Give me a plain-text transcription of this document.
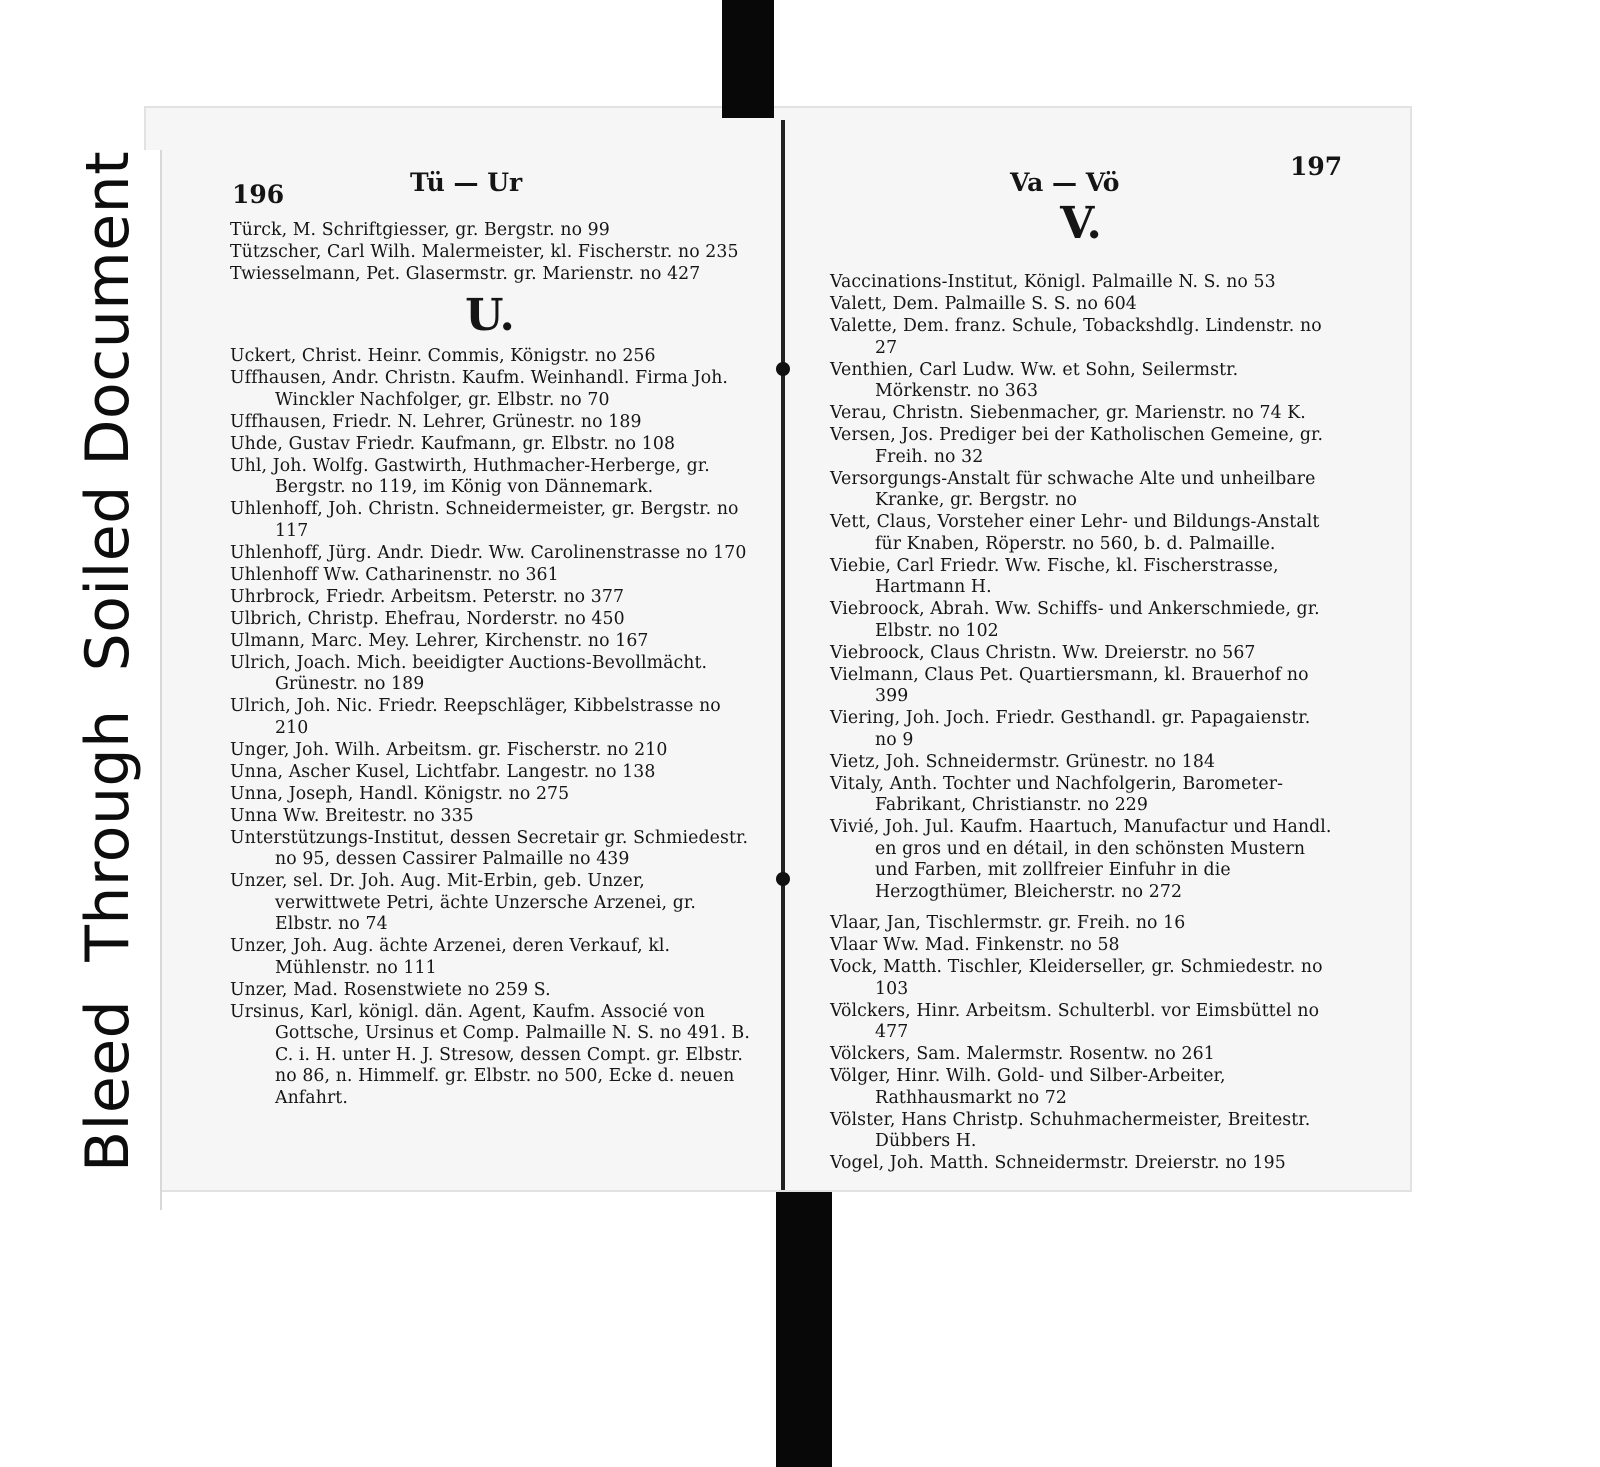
BleedThroughSoiled Document	196	Tü — Ur
Türck, M. Schriftgiesser, gr. Bergstr. no 99
Tützscher, Carl Wilh. Malermeister, kl. Fischerstr. no 235
Twiesselmann, Pet. Glasermstr. gr. Marienstr. no 427
U.
Uckert, Christ. Heinr. Commis, Königstr. no 256
Uffhausen, Andr. Christn. Kaufm. Weinhandl. Firma Joh. Winckler Nachfolger, gr. Elbstr. no 70
Uffhausen, Friedr. N. Lehrer, Grünestr. no 189
Uhde, Gustav Friedr. Kaufmann, gr. Elbstr. no 108
Uhl, Joh. Wolfg. Gastwirth, Huthmacher-Herberge, gr. Bergstr. no 119, im König von Dännemark.
Uhlenhoff, Joh. Christn. Schneidermeister, gr. Bergstr. no 117
Uhlenhoff, Jürg. Andr. Diedr. Ww. Carolinenstrasse no 170
Uhlenhoff Ww. Catharinenstr. no 361
Uhrbrock, Friedr. Arbeitsm. Peterstr. no 377
Ulbrich, Christp. Ehefrau, Norderstr. no 450
Ulmann, Marc. Mey. Lehrer, Kirchenstr. no 167
Ulrich, Joach. Mich. beeidigter Auctions-Bevollmächt. Grünestr. no 189
Ulrich, Joh. Nic. Friedr. Reepschläger, Kibbelstrasse no 210
Unger, Joh. Wilh. Arbeitsm. gr. Fischerstr. no 210
Unna, Ascher Kusel, Lichtfabr. Langestr. no 138
Unna, Joseph, Handl. Königstr. no 275
Unna Ww. Breitestr. no 335
Unterstützungs-Institut, dessen Secretair gr. Schmiedestr. no 95, dessen Cassirer Palmaille no 439
Unzer, sel. Dr. Joh. Aug. Mit-Erbin, geb. Unzer, verwittwete Petri, ächte Unzersche Arzenei, gr. Elbstr. no 74
Unzer, Joh. Aug. ächte Arzenei, deren Verkauf, kl. Mühlenstr. no 111
Unzer, Mad. Rosenstwiete no 259 S.
Ursinus, Karl, königl. dän. Agent, Kaufm. Associé von Gottsche, Ursinus et Comp. Palmaille N. S. no 491. B. C. i. H. unter H. J. Stresow, dessen Compt. gr. Elbstr. no 86, n. Himmelf. gr. Elbstr. no 500, Ecke d. neuen Anfahrt.
Va — Vö
197
V.
Vaccinations-Institut, Königl. Palmaille N. S. no 53
Valett, Dem. Palmaille S. S. no 604
Valette, Dem. franz. Schule, Tobackshdlg. Lindenstr. no 27
Venthien, Carl Ludw. Ww. et Sohn, Seilermstr. Mörkenstr. no 363
Verau, Christn. Siebenmacher, gr. Marienstr. no 74 K.
Versen, Jos. Prediger bei der Katholischen Gemeine, gr. Freih. no 32
Versorgungs-Anstalt für schwache Alte und unheilbare Kranke, gr. Bergstr. no
Vett, Claus, Vorsteher einer Lehr- und Bildungs-Anstalt für Knaben, Röperstr. no 560, b. d. Palmaille.
Viebie, Carl Friedr. Ww. Fische, kl. Fischerstrasse, Hartmann H.
Viebroock, Abrah. Ww. Schiffs- und Ankerschmiede, gr. Elbstr. no 102
Viebroock, Claus Christn. Ww. Dreierstr. no 567
Vielmann, Claus Pet. Quartiersmann, kl. Brauerhof no 399
Viering, Joh. Joch. Friedr. Gesthandl. gr. Papagaienstr. no 9
Vietz, Joh. Schneidermstr. Grünestr. no 184
Vitaly, Anth. Tochter und Nachfolgerin, Barometer-Fabrikant, Christianstr. no 229
Vivié, Joh. Jul. Kaufm. Haartuch, Manufactur und Handl. en gros und en détail, in den schönsten Mustern und Farben, mit zollfreier Einfuhr in die Herzogthümer, Bleicherstr. no 272
Vlaar, Jan, Tischlermstr. gr. Freih. no 16
Vlaar Ww. Mad. Finkenstr. no 58
Vock, Matth. Tischler, Kleiderseller, gr. Schmiedestr. no 103
Völckers, Hinr. Arbeitsm. Schulterbl. vor Eimsbüttel no 477
Völckers, Sam. Malermstr. Rosentw. no 261
Völger, Hinr. Wilh. Gold- und Silber-Arbeiter, Rathhausmarkt no 72
Völster, Hans Christp. Schuhmachermeister, Breitestr. Dübbers H.
Vogel, Joh. Matth. Schneidermstr. Dreierstr. no 195
